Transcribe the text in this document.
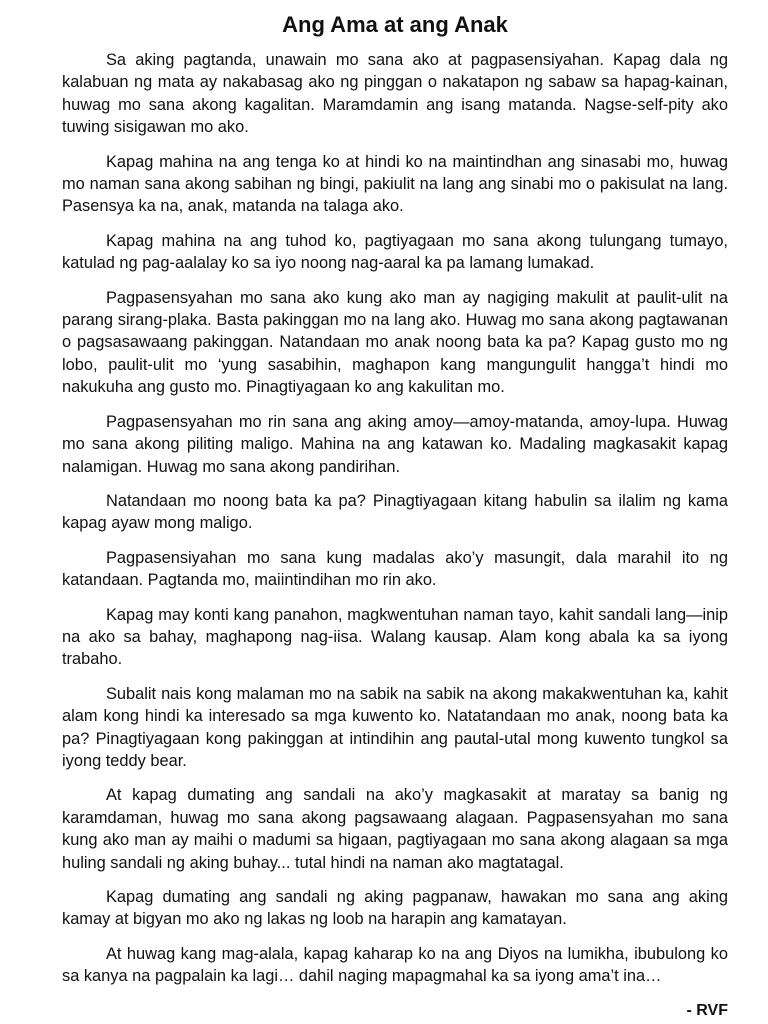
Ang Ama at ang Anak

Sa aking pagtanda, unawain mo sana ako at pagpasensiyahan. Kapag dala ng kalabuan ng mata ay nakabasag ako ng pinggan o nakatapon ng sabaw sa hapag-kainan, huwag mo sana akong kagalitan. Maramdamin ang isang matanda. Nagse-self-pity ako tuwing sisigawan mo ako.

Kapag mahina na ang tenga ko at hindi ko na maintindhan ang sinasabi mo, huwag mo naman sana akong sabihan ng bingi, pakiulit na lang ang sinabi mo o pakisulat na lang. Pasensya ka na, anak, matanda na talaga ako.

Kapag mahina na ang tuhod ko, pagtiyagaan mo sana akong tulungang tumayo, katulad ng pag-aalalay ko sa iyo noong nag-aaral ka pa lamang lumakad.

Pagpasensyahan mo sana ako kung ako man ay nagiging makulit at paulit-ulit na parang sirang-plaka. Basta pakinggan mo na lang ako. Huwag mo sana akong pagtawanan o pagsasawaang pakinggan. Natandaan mo anak noong bata ka pa? Kapag gusto mo ng lobo, paulit-ulit mo ‘yung sasabihin, maghapon kang mangungulit hangga’t hindi mo nakukuha ang gusto mo. Pinagtiyagaan ko ang kakulitan mo.

Pagpasensyahan mo rin sana ang aking amoy—amoy-matanda, amoy-lupa. Huwag mo sana akong piliting maligo. Mahina na ang katawan ko. Madaling magkasakit kapag nalamigan. Huwag mo sana akong pandirihan.

Natandaan mo noong bata ka pa? Pinagtiyagaan kitang habulin sa ilalim ng kama kapag ayaw mong maligo.

Pagpasensiyahan mo sana kung madalas ako’y masungit, dala marahil ito ng katandaan. Pagtanda mo, maiintindihan mo rin ako.

Kapag may konti kang panahon, magkwentuhan naman tayo, kahit sandali lang—inip na ako sa bahay, maghapong nag-iisa. Walang kausap. Alam kong abala ka sa iyong trabaho.

Subalit nais kong malaman mo na sabik na sabik na akong makakwentuhan ka, kahit alam kong hindi ka interesado sa mga kuwento ko. Natatandaan mo anak, noong bata ka pa? Pinagtiyagaan kong pakinggan at intindihin ang pautal-utal mong kuwento tungkol sa iyong teddy bear.

At kapag dumating ang sandali na ako’y magkasakit at maratay sa banig ng karamdaman, huwag mo sana akong pagsawaang alagaan. Pagpasensyahan mo sana kung ako man ay maihi o madumi sa higaan, pagtiyagaan mo sana akong alagaan sa mga huling sandali ng aking buhay... tutal hindi na naman ako magtatagal.

Kapag dumating ang sandali ng aking pagpanaw, hawakan mo sana ang aking kamay at bigyan mo ako ng lakas ng loob na harapin ang kamatayan.

At huwag kang mag-alala, kapag kaharap ko na ang Diyos na lumikha, ibubulong ko sa kanya na pagpalain ka lagi… dahil naging mapagmahal ka sa iyong ama’t ina…

- RVF
